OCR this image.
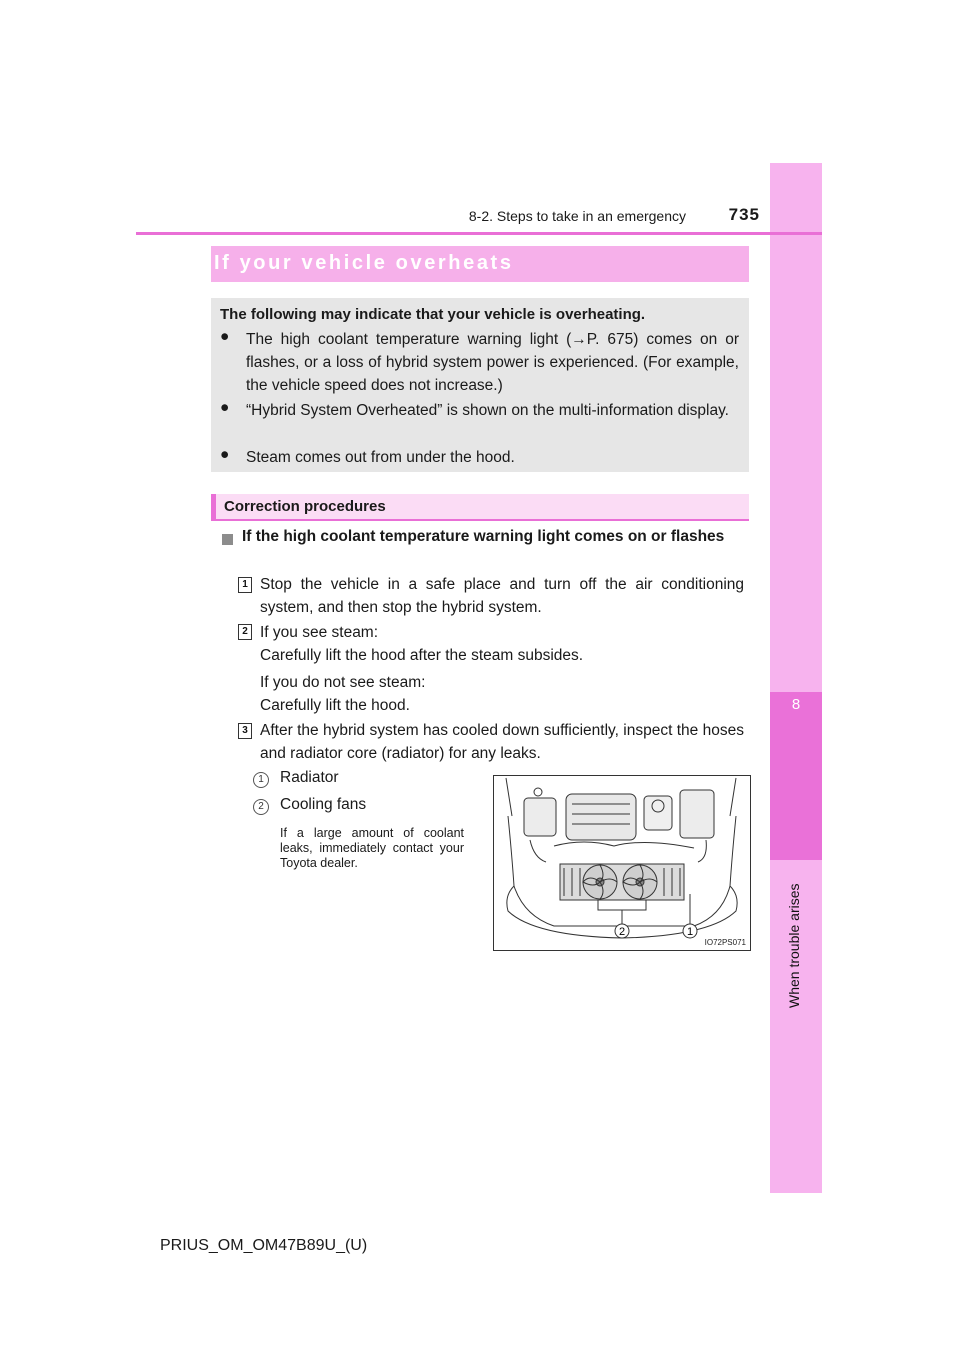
8
When trouble arises
8-2. Steps to take in an emergency	735
If your vehicle overheats
The following may indicate that your vehicle is overheating.
● The high coolant temperature warning light (→P. 675) comes on or flashes, or a loss of hybrid system power is experienced. (For example, the vehicle speed does not increase.)
● “Hybrid System Overheated” is shown on the multi-information display.
● Steam comes out from under the hood.
Correction procedures
If the high coolant temperature warning light comes on or flashes
1 Stop the vehicle in a safe place and turn off the air conditioning system, and then stop the hybrid system.
2 If you see steam:
Carefully lift the hood after the steam subsides.
If you do not see steam:
Carefully lift the hood.
3 After the hybrid system has cooled down sufficiently, inspect the hoses and radiator core (radiator) for any leaks.
1	Radiator
2	Cooling fans
If a large amount of coolant leaks, immediately contact your Toyota dealer.
2	1
IO72PS071
PRIUS_OM_OM47B89U_(U)
